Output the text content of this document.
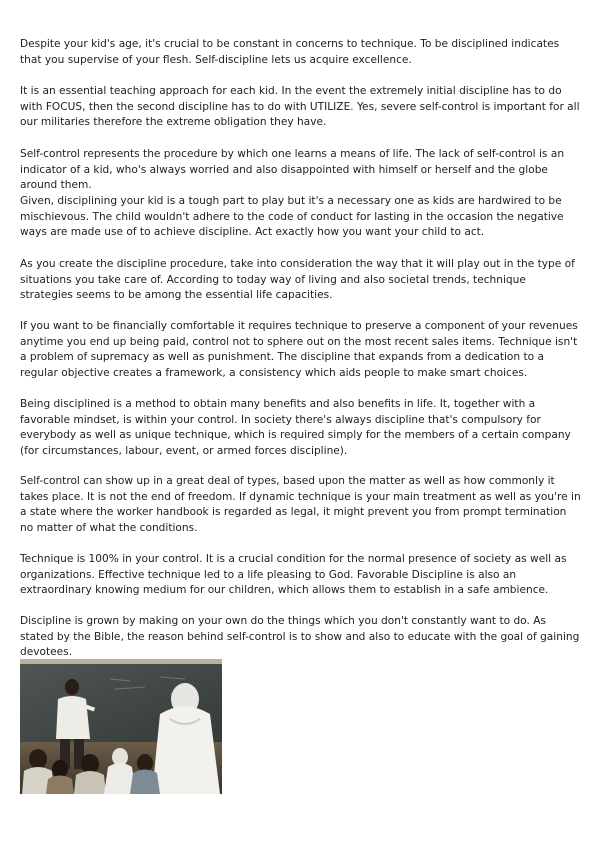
Despite your kid's age, it's crucial to be constant in concerns to technique. To be disciplined indicates that you supervise of your flesh. Self-discipline lets us acquire excellence.

It is an essential teaching approach for each kid. In the event the extremely initial discipline has to do with FOCUS, then the second discipline has to do with UTILIZE. Yes, severe self-control is important for all our militaries therefore the extreme obligation they have.

Self-control represents the procedure by which one learns a means of life. The lack of self-control is an indicator of a kid, who's always worried and also disappointed with himself or herself and the globe around them.

Given, disciplining your kid is a tough part to play but it's a necessary one as kids are hardwired to be mischievous. The child wouldn't adhere to the code of conduct for lasting in the occasion the negative ways are made use of to achieve discipline. Act exactly how you want your child to act.

As you create the discipline procedure, take into consideration the way that it will play out in the type of situations you take care of. According to today way of living and also societal trends, technique strategies seems to be among the essential life capacities.

If you want to be financially comfortable it requires technique to preserve a component of your revenues anytime you end up being paid, control not to sphere out on the most recent sales items. Technique isn't a problem of supremacy as well as punishment. The discipline that expands from a dedication to a regular objective creates a framework, a consistency which aids people to make smart choices.

Being disciplined is a method to obtain many benefits and also benefits in life. It, together with a favorable mindset, is within your control. In society there's always discipline that's compulsory for everybody as well as unique technique, which is required simply for the members of a certain company (for circumstances, labour, event, or armed forces discipline).

Self-control can show up in a great deal of types, based upon the matter as well as how commonly it takes place. It is not the end of freedom. If dynamic technique is your main treatment as well as you're in a state where the worker handbook is regarded as legal, it might prevent you from prompt termination no matter of what the conditions.

Technique is 100% in your control. It is a crucial condition for the normal presence of society as well as organizations. Effective technique led to a life pleasing to God. Favorable Discipline is also an extraordinary knowing medium for our children, which allows them to establish in a safe ambience.

Discipline is grown by making on your own do the things which you don't constantly want to do. As stated by the Bible, the reason behind self-control is to show and also to educate with the goal of gaining devotees.
